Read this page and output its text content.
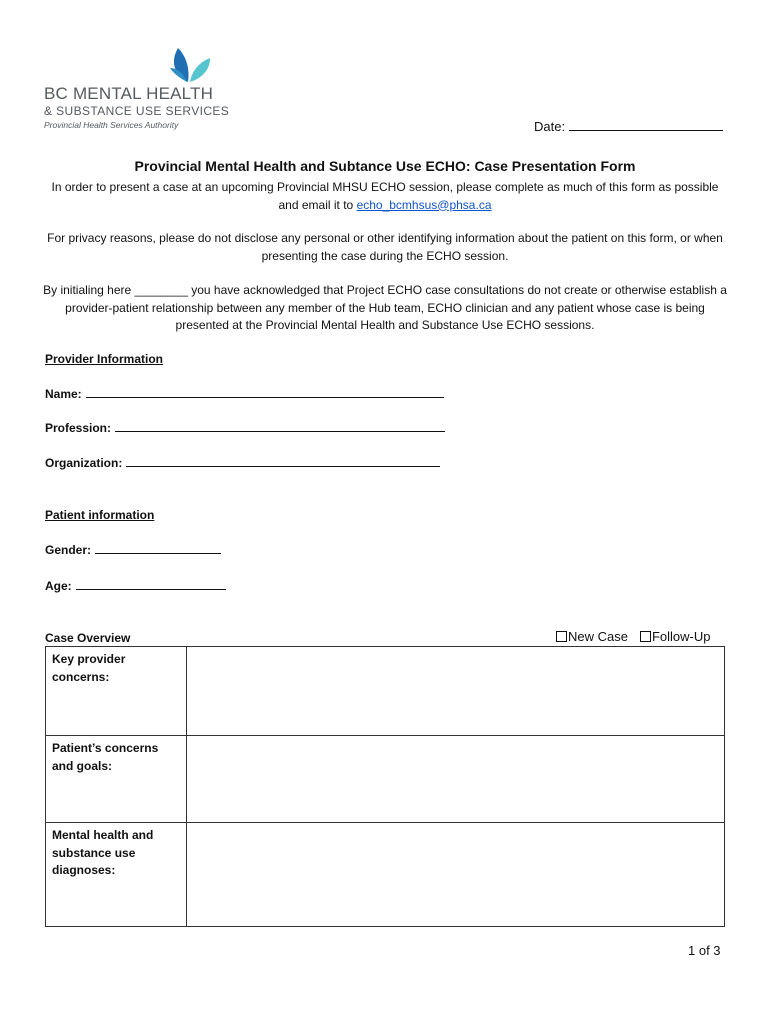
BC MENTAL HEALTH
& SUBSTANCE USE SERVICES
Provincial Health Services Authority	Date:
Provincial Mental Health and Subtance Use ECHO: Case Presentation Form
In order to present a case at an upcoming Provincial MHSU ECHO session, please complete as much of this form as possible and email it to echo_bcmhsus@phsa.ca
For privacy reasons, please do not disclose any personal or other identifying information about the patient on this form, or when presenting the case during the ECHO session.
By initialing here ________ you have acknowledged that Project ECHO case consultations do not create or otherwise establish a provider-patient relationship between any member of the Hub team, ECHO clinician and any patient whose case is being presented at the Provincial Mental Health and Substance Use ECHO sessions.
Provider Information
Name:
Profession:
Organization:
Patient information
Gender:
Age:
Case Overview	New Case Follow-Up
Key provider concerns:	
Patient’s concerns and goals:	
Mental health and substance use diagnoses:	
1 of 3
